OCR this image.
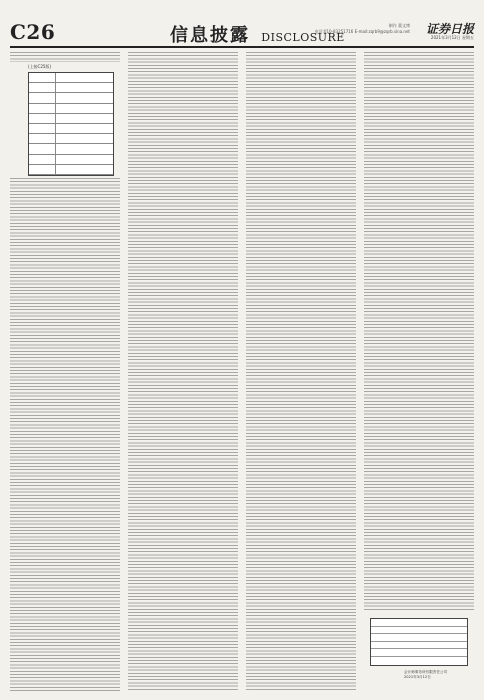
C26	信息披露 DISCLOSURE
制作 董文博
电话:010-83251716 E-mail:zqrb9@zqrb.sina.net 证券日报
2021年3月12日 星期五
(上接C25版)
会计师事务所有限责任公司
2021年3月12日
